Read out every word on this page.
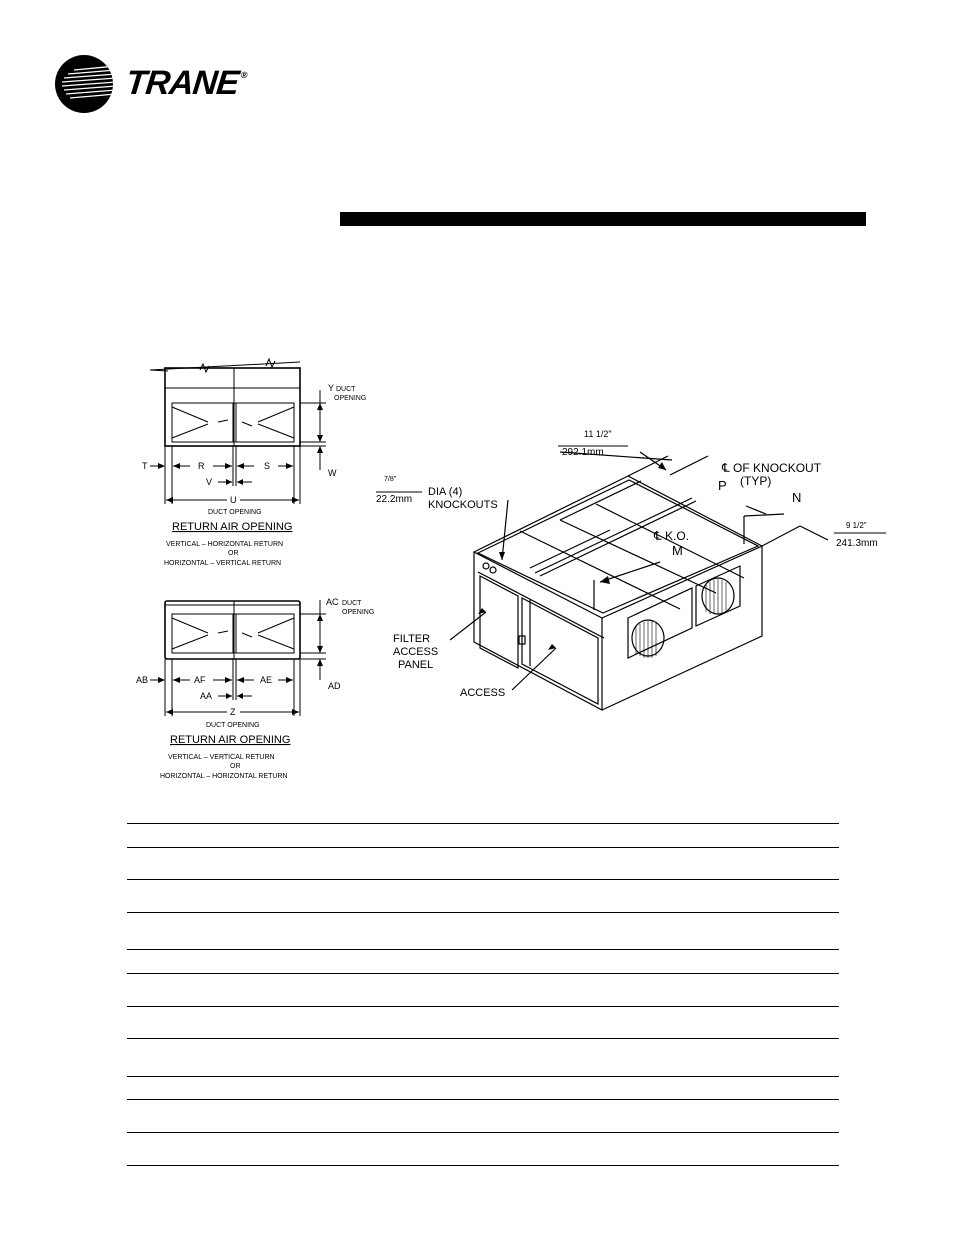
TRANE®
Y DUCT
OPENING
T	R	S
W
V
U
DUCT OPENING
RETURN AIR OPENING
VERTICAL – HORIZONTAL RETURN
OR
HORIZONTAL – VERTICAL RETURN
AC DUCT
OPENING
AB	AF	AE
AD
AA
Z
DUCT OPENING
RETURN AIR OPENING
VERTICAL – VERTICAL RETURN
OR
HORIZONTAL – HORIZONTAL RETURN
11 1/2"
292.1mm
7/8"
22.2mm
DIA (4)
KNOCKOUTS
℄ OF KNOCKOUT
(TYP)
P
N
℄ K.O.
M
9 1/2"
241.3mm
FILTER
ACCESS
PANEL
ACCESS
